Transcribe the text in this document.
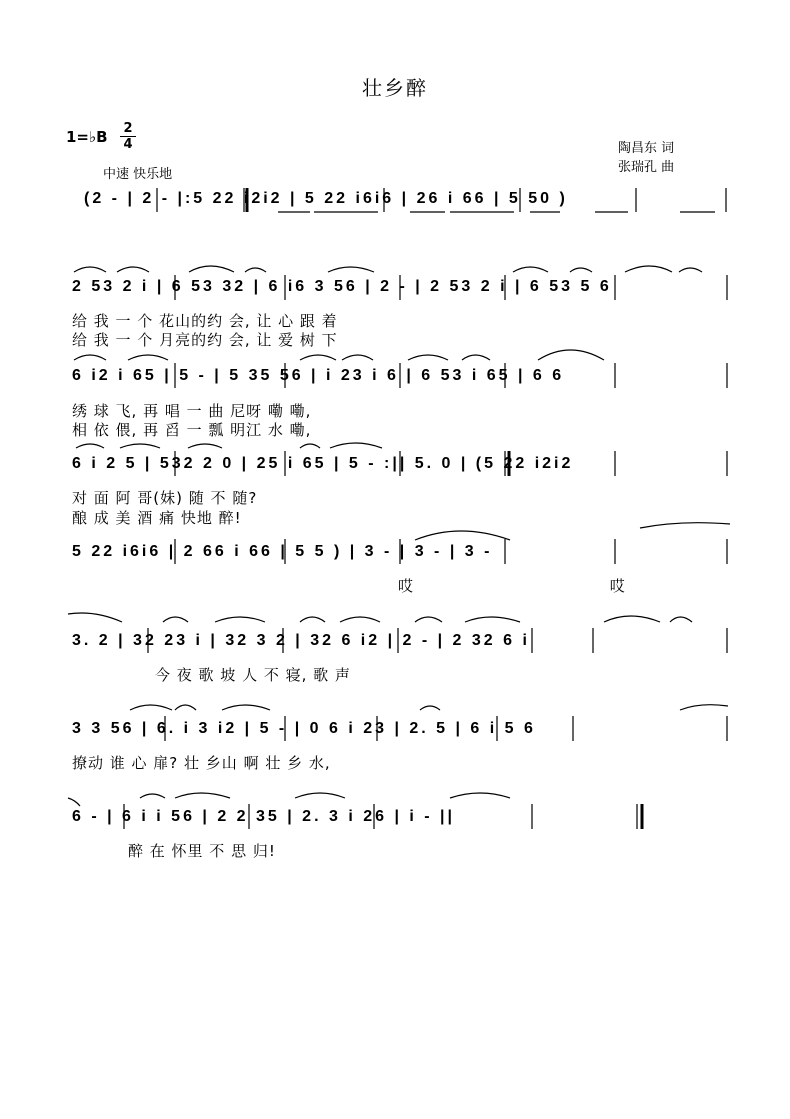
壮乡醉
1=♭B 2
4
中速 快乐地
陶昌东 词
张瑞孔 曲
(2 - | 2 - |:5 22 i2i2 | 5 22 i6i6 | 26 i 66 | 5 50 )
2 53 2 i | 6 53 32 | 6 i6 3 56 | 2 - | 2 53 2 i | 6 53 5 6
给 我 一 个 花山的约 会, 让 心 跟 着
给 我 一 个 月亮的约 会, 让 爱 树 下
6 i2 i 65 | 5 - | 5 35 56 | i 23 i 6 | 6 53 i 65 | 6 6
绣 球 飞, 再 唱 一 曲 尼呀 嘞 嘞,
相 依 偎, 再 舀 一 瓢 明江 水 嘞,
6 i 2 5 | 532 2 0 | 25 i 65 | 5 - :|| 5. 0 | (5 22 i2i2
对 面 阿 哥(妹) 随 不 随?
酿 成 美 酒 痛 快地 醉!
5 22 i6i6 | 2 66 i 66 | 5 5 ) | 3 - | 3 - | 3 -
哎 哎
3. 2 | 32 23 i | 32 3 2 | 32 6 i2 | 2 - | 2 32 6 i
今 夜 歌 坡 人 不 寝, 歌 声
3 3 56 | 6. i 3 i2 | 5 - | 0 6 i 23 | 2. 5 | 6 i 5 6
撩动 谁 心 扉? 壮 乡山 啊 壮 乡 水,
6 - | 6 i i 56 | 2 2 35 | 2. 3 i 26 | i - ||
醉 在 怀里 不 思 归!
